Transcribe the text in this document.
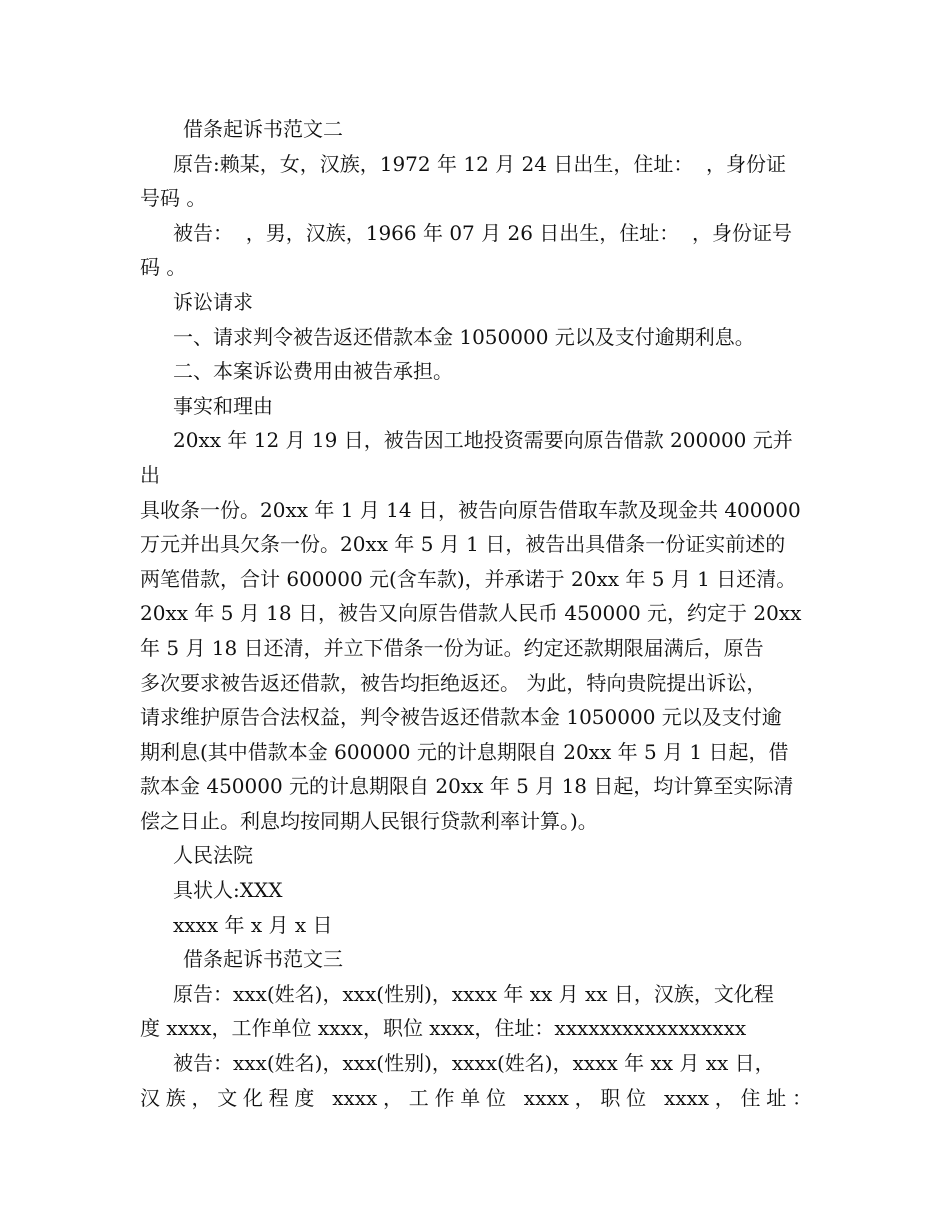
借条起诉书范文二

原告:赖某，女，汉族，1972 年 12 月 24 日出生，住址：  ，身份证

号码 。

被告：  ，男，汉族，1966 年 07 月 26 日出生，住址：  ，身份证号

码 。

诉讼请求

一、请求判令被告返还借款本金 1050000 元以及支付逾期利息。

二、本案诉讼费用由被告承担。

事实和理由

20xx 年 12 月 19 日，被告因工地投资需要向原告借款 200000 元并出

具收条一份。20xx 年 1 月 14 日，被告向原告借取车款及现金共 400000

万元并出具欠条一份。20xx 年 5 月 1 日，被告出具借条一份证实前述的

两笔借款，合计 600000 元(含车款)，并承诺于 20xx 年 5 月 1 日还清。

20xx 年 5 月 18 日，被告又向原告借款人民币 450000 元，约定于 20xx

年 5 月 18 日还清，并立下借条一份为证。约定还款期限届满后，原告

多次要求被告返还借款，被告均拒绝返还。 为此，特向贵院提出诉讼，

请求维护原告合法权益，判令被告返还借款本金 1050000 元以及支付逾

期利息(其中借款本金 600000 元的计息期限自 20xx 年 5 月 1 日起，借

款本金 450000 元的计息期限自 20xx 年 5 月 18 日起，均计算至实际清

偿之日止。利息均按同期人民银行贷款利率计算。)。

人民法院

具状人:XXX

xxxx 年 x 月 x 日

借条起诉书范文三

原告：xxx(姓名)，xxx(性别)，xxxx 年 xx 月 xx 日，汉族，文化程

度 xxxx，工作单位 xxxx，职位 xxxx，住址：xxxxxxxxxxxxxxxxx

被告：xxx(姓名)，xxx(性别)，xxxx(姓名)，xxxx 年 xx 月 xx 日，

汉族，文化程度 xxxx，工作单位 xxxx，职位 xxxx，住址：
